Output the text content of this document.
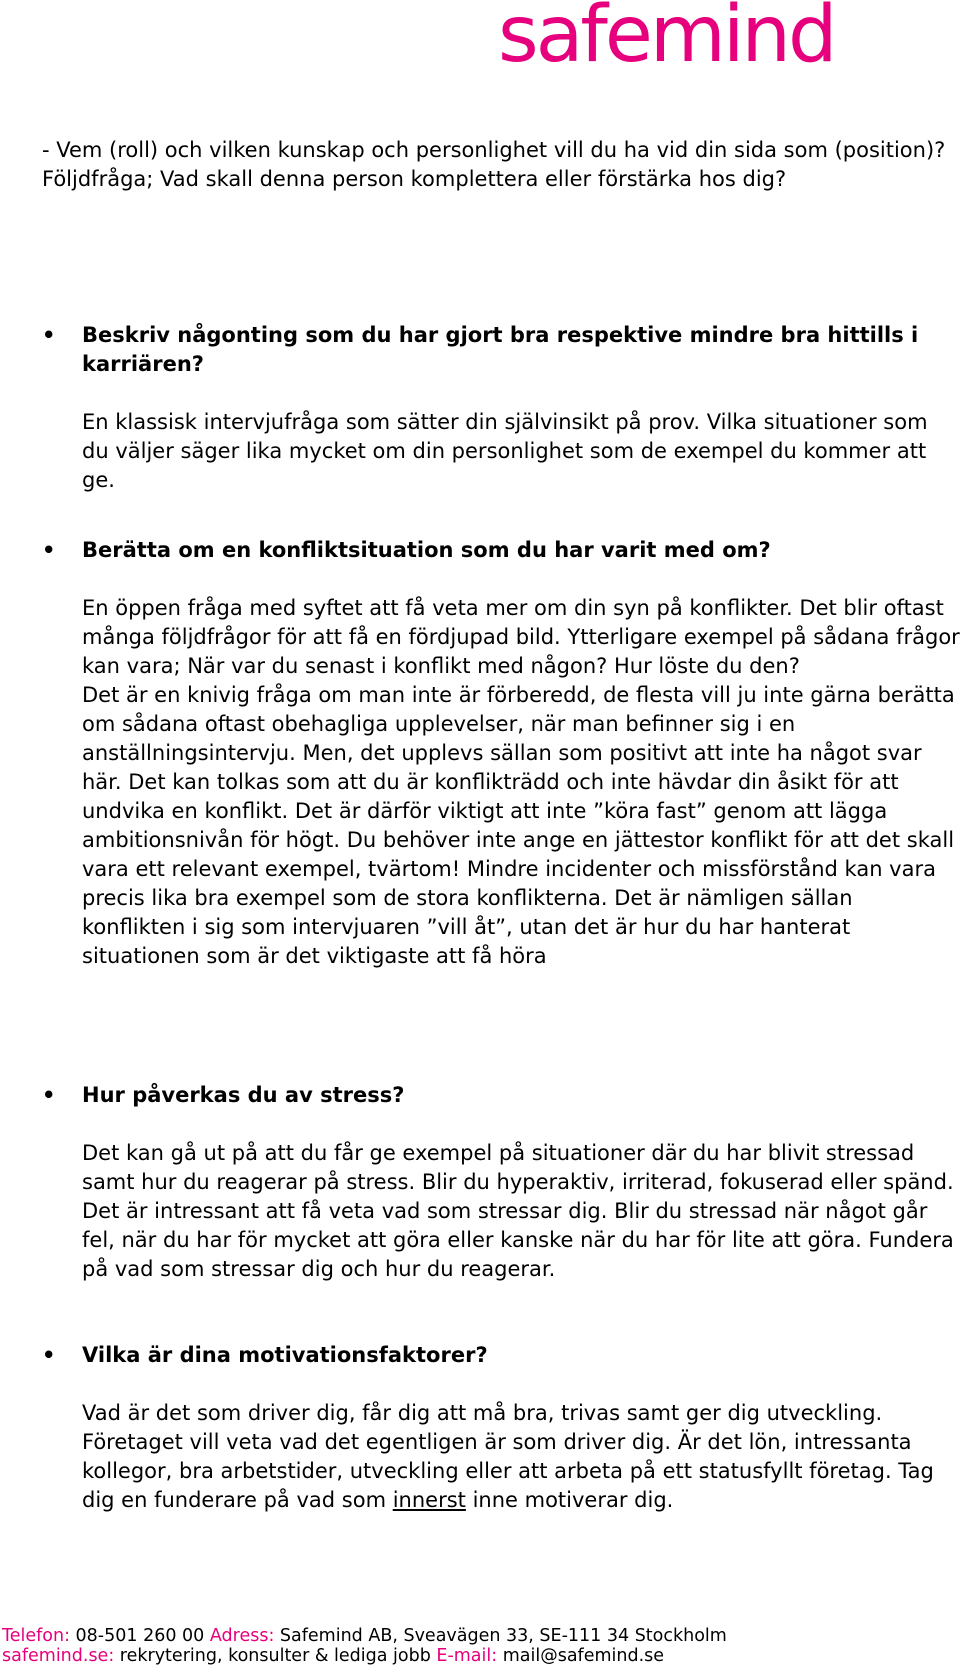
safemind

- Vem (roll) och vilken kunskap och personlighet vill du ha vid din sida som (position)? Följdfråga; Vad skall denna person komplettera eller förstärka hos dig?

•	Beskriv någonting som du har gjort bra respektive mindre bra hittills i karriären?

En klassisk intervjufråga som sätter din självinsikt på prov. Vilka situationer som du väljer säger lika mycket om din personlighet som de exempel du kommer att ge.

•	Berätta om en konfliktsituation som du har varit med om?

En öppen fråga med syftet att få veta mer om din syn på konflikter. Det blir oftast många följdfrågor för att få en fördjupad bild. Ytterligare exempel på sådana frågor kan vara; När var du senast i konflikt med någon? Hur löste du den?

Det är en knivig fråga om man inte är förberedd, de flesta vill ju inte gärna berätta om sådana oftast obehagliga upplevelser, när man befinner sig i en anställningsintervju. Men, det upplevs sällan som positivt att inte ha något svar här. Det kan tolkas som att du är konflikträdd och inte hävdar din åsikt för att undvika en konflikt. Det är därför viktigt att inte ”köra fast” genom att lägga ambitionsnivån för högt. Du behöver inte ange en jättestor konflikt för att det skall vara ett relevant exempel, tvärtom! Mindre incidenter och missförstånd kan vara precis lika bra exempel som de stora konflikterna. Det är nämligen sällan konflikten i sig som intervjuaren ”vill åt”, utan det är hur du har hanterat situationen som är det viktigaste att få höra

•	Hur påverkas du av stress?

Det kan gå ut på att du får ge exempel på situationer där du har blivit stressad samt hur du reagerar på stress. Blir du hyperaktiv, irriterad, fokuserad eller spänd. Det är intressant att få veta vad som stressar dig. Blir du stressad när något går fel, när du har för mycket att göra eller kanske när du har för lite att göra. Fundera på vad som stressar dig och hur du reagerar.

•	Vilka är dina motivationsfaktorer?

Vad är det som driver dig, får dig att må bra, trivas samt ger dig utveckling. Företaget vill veta vad det egentligen är som driver dig. Är det lön, intressanta kollegor, bra arbetstider, utveckling eller att arbeta på ett statusfyllt företag. Tag dig en funderare på vad som innerst inne motiverar dig.

Telefon: 08-501 260 00 Adress: Safemind AB, Sveavägen 33, SE-111 34 Stockholm
safemind.se: rekrytering, konsulter & lediga jobb E-mail: mail@safemind.se
